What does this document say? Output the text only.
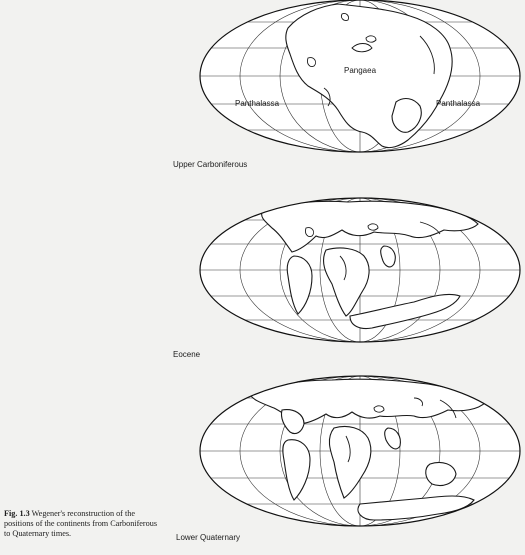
Pangaea
Panthalassa	Panthalassa
Upper Carboniferous
Eocene
Lower Quaternary
Fig. 1.3 Wegener's reconstruction of the positions of the continents from Carboniferous to Quaternary times.
